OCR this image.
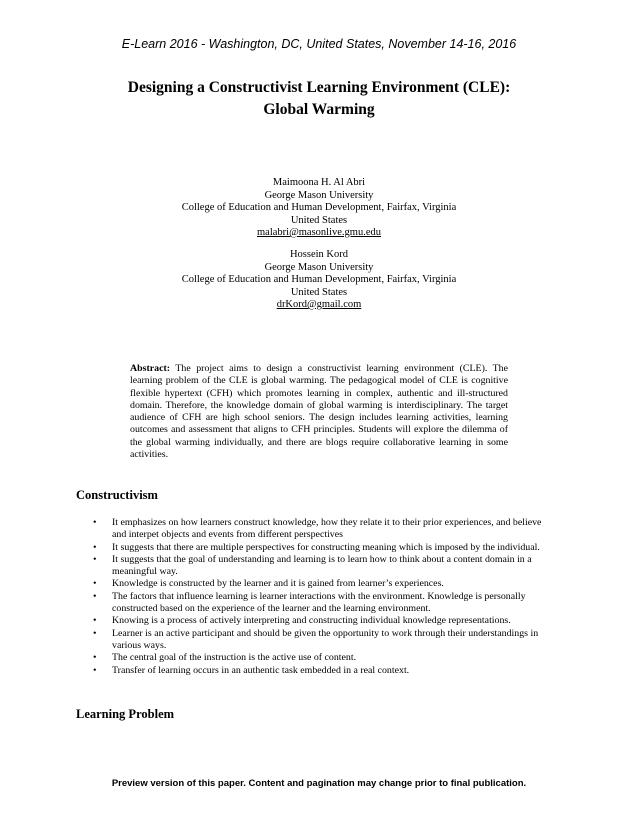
E-Learn 2016 - Washington, DC, United States, November 14-16, 2016
Designing a Constructivist Learning Environment (CLE):
Global Warming
Maimoona H. Al Abri
George Mason University
College of Education and Human Development, Fairfax, Virginia
United States
malabri@masonlive.gmu.edu
Hossein Kord
George Mason University
College of Education and Human Development, Fairfax, Virginia
United States
drKord@gmail.com
Abstract: The project aims to design a constructivist learning environment (CLE). The learning problem of the CLE is global warming. The pedagogical model of CLE is cognitive flexible hypertext (CFH) which promotes learning in complex, authentic and ill-structured domain. Therefore, the knowledge domain of global warming is interdisciplinary. The target audience of CFH are high school seniors. The design includes learning activities, learning outcomes and assessment that aligns to CFH principles. Students will explore the dilemma of the global warming individually, and there are blogs require collaborative learning in some activities.
Constructivism
• It emphasizes on how learners construct knowledge, how they relate it to their prior experiences, and believe and interpet objects and events from different perspectives
• It suggests that there are multiple perspectives for constructing meaning which is imposed by the individual.
• It suggests that the goal of understanding and learning is to learn how to think about a content domain in a meaningful way.
• Knowledge is constructed by the learner and it is gained from learner’s experiences.
• The factors that influence learning is learner interactions with the environment. Knowledge is personally constructed based on the experience of the learner and the learning environment.
• Knowing is a process of actively interpreting and constructing individual knowledge representations.
• Learner is an active participant and should be given the opportunity to work through their understandings in various ways.
• The central goal of the instruction is the active use of content.
• Transfer of learning occurs in an authentic task embedded in a real context.
Learning Problem
Preview version of this paper. Content and pagination may change prior to final publication.
